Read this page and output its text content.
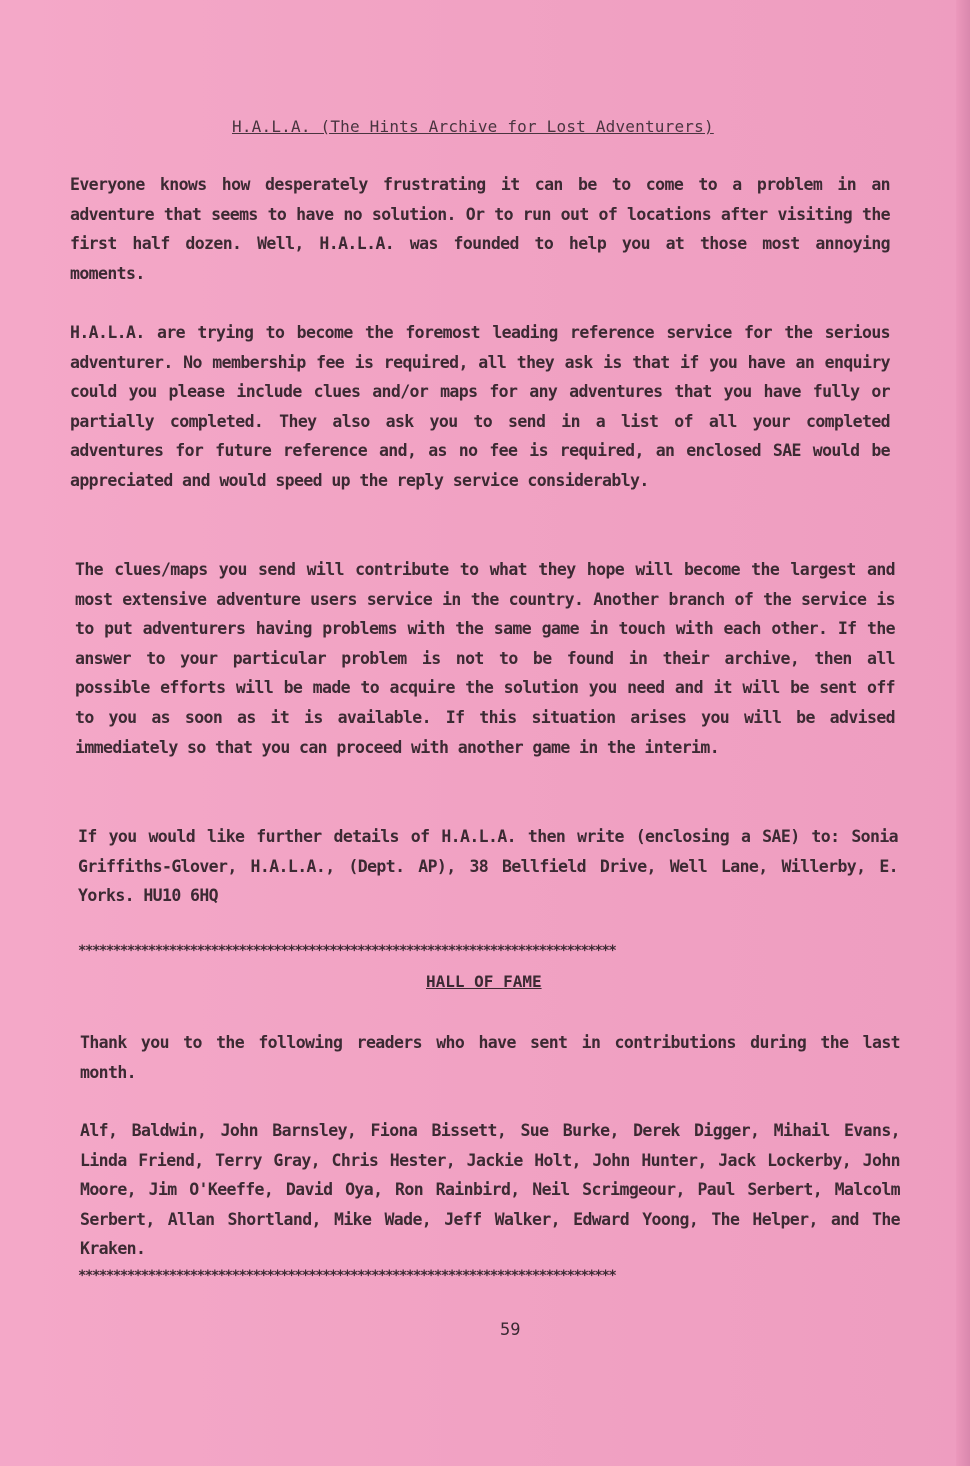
H.A.L.A. (The Hints Archive for Lost Adventurers)
Everyone knows how desperately frustrating it can be to come to a problem in an adventure that seems to have no solution. Or to run out of locations after visiting the first half dozen. Well, H.A.L.A. was founded to help you at those most annoying moments.
H.A.L.A. are trying to become the foremost leading reference service for the serious adventurer. No membership fee is required, all they ask is that if you have an enquiry could you please include clues and/or maps for any adventures that you have fully or partially completed. They also ask you to send in a list of all your completed adventures for future reference and, as no fee is required, an enclosed SAE would be appreciated and would speed up the reply service considerably.
The clues/maps you send will contribute to what they hope will become the largest and most extensive adventure users service in the country. Another branch of the service is to put adventurers having problems with the same game in touch with each other. If the answer to your particular problem is not to be found in their archive, then all possible efforts will be made to acquire the solution you need and it will be sent off to you as soon as it is available. If this situation arises you will be advised immediately so that you can proceed with another game in the interim.
If you would like further details of H.A.L.A. then write (enclosing a SAE) to: Sonia Griffiths-Glover, H.A.L.A., (Dept. AP), 38 Bellfield Drive, Well Lane, Willerby, E. Yorks. HU10 6HQ
*****************************************************************************
HALL OF FAME
Thank you to the following readers who have sent in contributions during the last month.
Alf, Baldwin, John Barnsley, Fiona Bissett, Sue Burke, Derek Digger, Mihail Evans, Linda Friend, Terry Gray, Chris Hester, Jackie Holt, John Hunter, Jack Lockerby, John Moore, Jim O'Keeffe, David Oya, Ron Rainbird, Neil Scrimgeour, Paul Serbert, Malcolm Serbert, Allan Shortland, Mike Wade, Jeff Walker, Edward Yoong, The Helper, and The Kraken.
*****************************************************************************
59
